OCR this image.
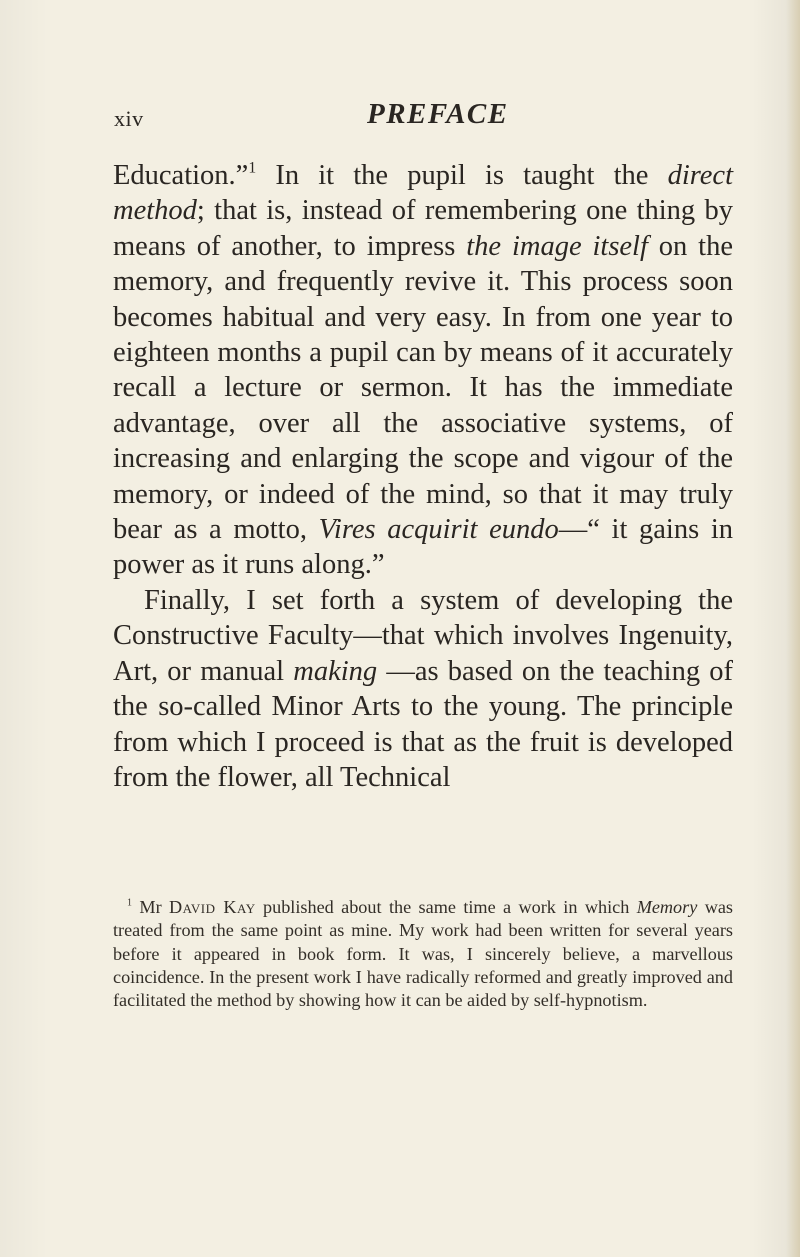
xiv	PREFACE

Education.”$^1$ In it the pupil is taught the direct method; that is, instead of remembering one thing by means of another, to impress the image itself on the memory, and frequently revive it. This process soon becomes habitual and very easy. In from one year to eighteen months a pupil can by means of it accurately recall a lecture or sermon. It has the immediate advantage, over all the associative systems, of increasing and enlarging the scope and vigour of the memory, or indeed of the mind, so that it may truly bear as a motto, Vires acquirit eundo—“ it gains in power as it runs along.”

Finally, I set forth a system of developing the Constructive Faculty—that which involves Ingenuity, Art, or manual making —as based on the teaching of the so-called Minor Arts to the young. The principle from which I proceed is that as the fruit is developed from the flower, all Technical

$^1$ Mr David Kay published about the same time a work in which Memory was treated from the same point as mine. My work had been written for several years before it appeared in book form. It was, I sincerely believe, a marvellous coincidence. In the present work I have radically reformed and greatly improved and facilitated the method by showing how it can be aided by self-hypnotism.
